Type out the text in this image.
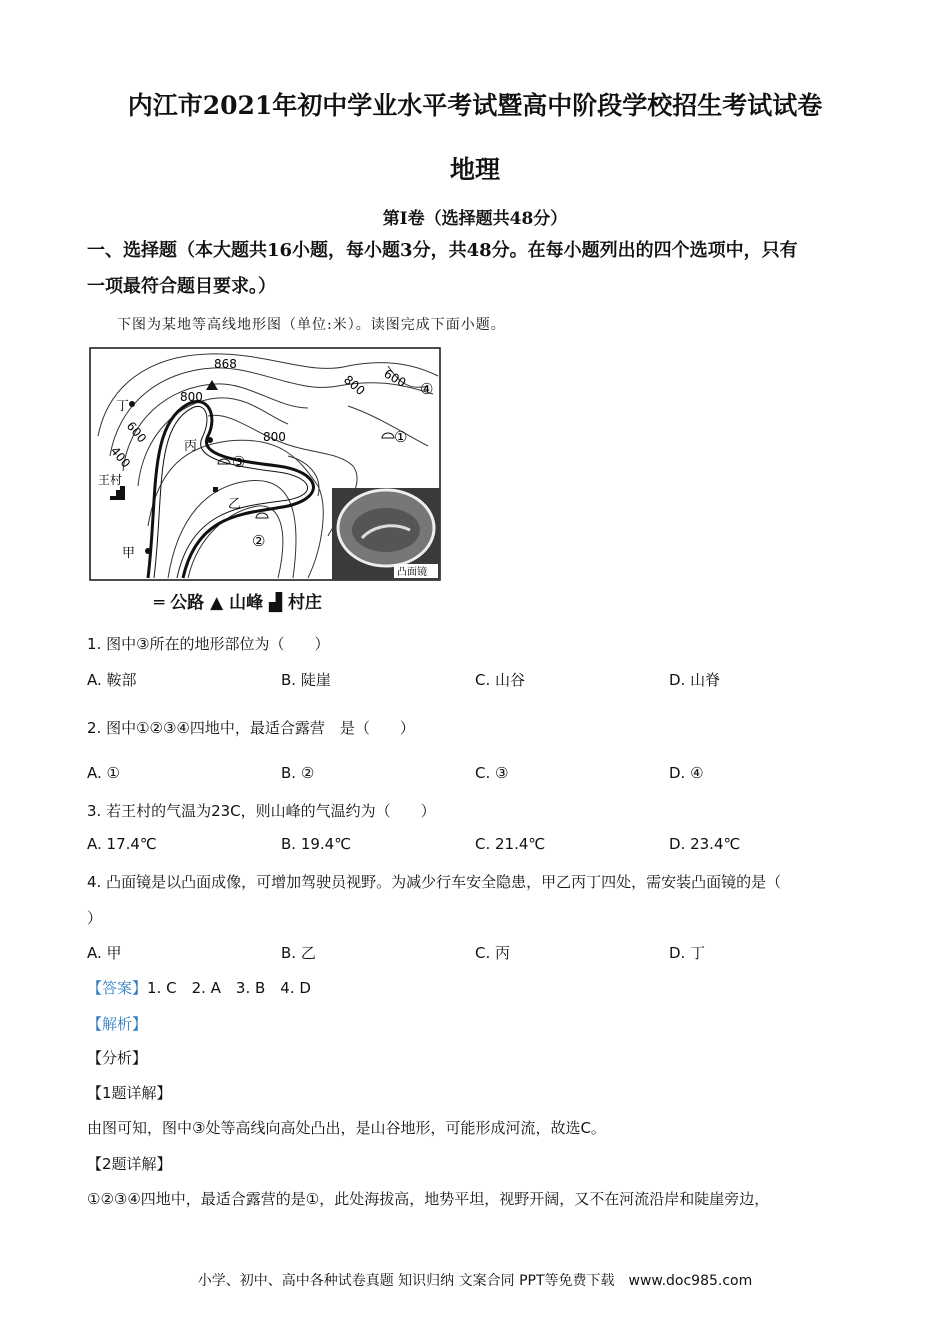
内江市2021年初中学业水平考试暨高中阶段学校招生考试试卷
地理
第Ⅰ卷（选择题共48分）
一、选择题（本大题共16小题，每小题3分，共48分。在每小题列出的四个选项中，只有
一项最符合题目要求。）
下图为某地等高线地形图（单位:米）。读图完成下面小题。
868
800
800
800 600
600
400
丁
丙
乙
甲
王村
①
②
③
④
凸面镜
═ 公路 ▲ 山峰 ▟ 村庄
1. 图中③所在的地形部位为（　　）
A. 鞍部	B. 陡崖	C. 山谷	D. 山脊
2. 图中①②③④四地中，最适合露营　是（　　）
A. ①	B. ②	C. ③	D. ④
3. 若王村的气温为23C，则山峰的气温约为（　　）
A. 17.4℃	B. 19.4℃	C. 21.4℃	D. 23.4℃
4. 凸面镜是以凸面成像，可增加驾驶员视野。为减少行车安全隐患，甲乙丙丁四处，需安装凸面镜的是（
）
A. 甲	B. 乙	C. 丙	D. 丁
【答案】1. C　2. A　3. B　4. D
【解析】
【分析】
【1题详解】
由图可知，图中③处等高线向高处凸出，是山谷地形，可能形成河流，故选C。
【2题详解】
①②③④四地中，最适合露营的是①，此处海拔高，地势平坦，视野开阔，又不在河流沿岸和陡崖旁边，
小学、初中、高中各种试卷真题 知识归纳 文案合同 PPT等免费下载　www.doc985.com
